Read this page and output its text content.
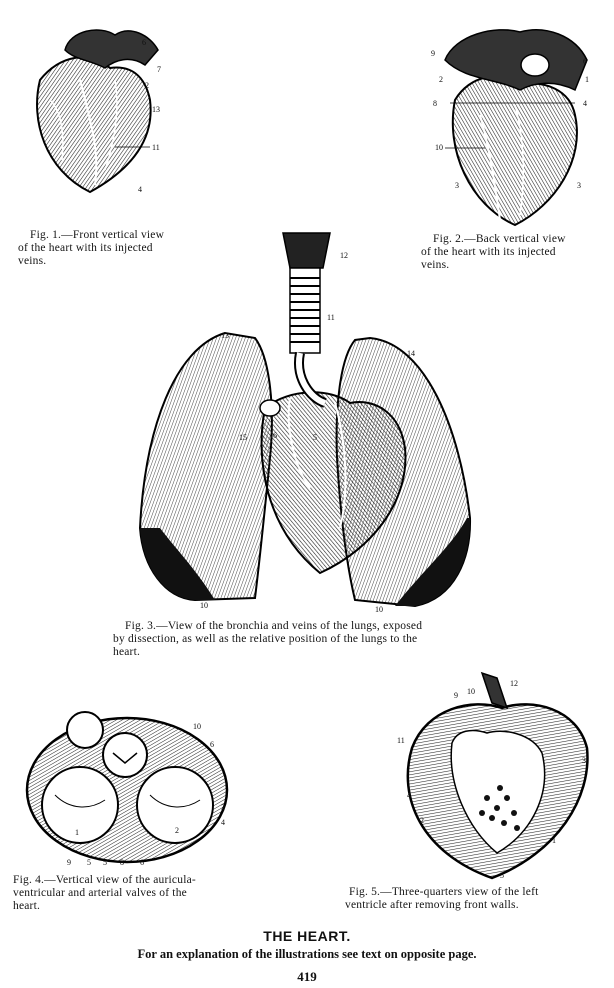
6
7
2
13
11
4
Fig. 1.—Front vertical view
of the heart with its injected
veins.
9
2
8
10
3	3
6
1
4
Fig. 2.—Back vertical view
of the heart with its injected
veins.
12
11
13
14
15	6	5
10	10
Fig. 3.—View of the bronchia and veins of the lungs, exposed
by dissection, as well as the relative position of the lungs to the
heart.
10
6
3
4
2
1
9 5 5 8 6
Fig. 4.—Vertical view of the auricula-
ventricular and arterial valves of the
heart.
10
9
12
11
4
2
3
1
5
Fig. 5.—Three-quarters view of the left
ventricle after removing front walls.
THE HEART.
For an explanation of the illustrations see text on opposite page.
419
